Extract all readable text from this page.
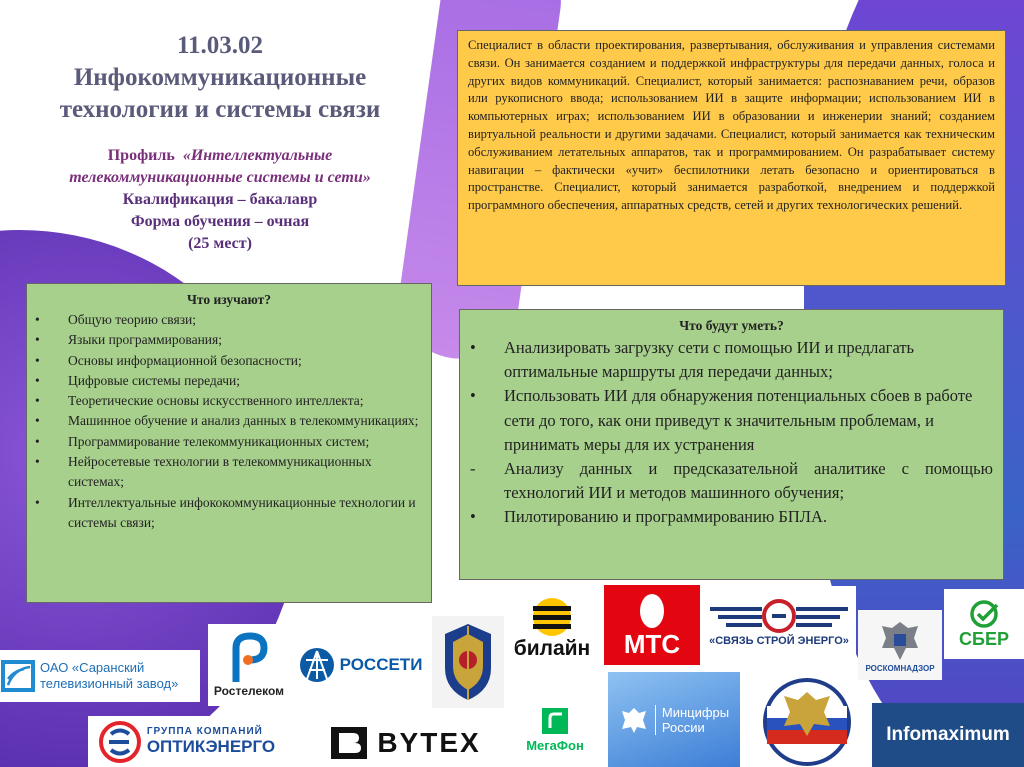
11.03.02
Инфокоммуникационные
технологии и системы связи
Профиль «Интеллектуальные
телекоммуникационные системы и сети»
Квалификация – бакалавр
Форма обучения – очная
(25 мест)
Специалист в области проектирования, развертывания, обслуживания и управления системами связи. Он занимается созданием и поддержкой инфраструктуры для передачи данных, голоса и других видов коммуникаций. Специалист, который занимается: распознаванием речи, образов или рукописного ввода; использованием ИИ в защите информации; использованием ИИ в компьютерных играх; использованием ИИ в образовании и инженерии знаний; созданием виртуальной реальности и другими задачами. Специалист, который занимается как техническим обслуживанием летательных аппаратов, так и программированием. Он разрабатывает систему навигации – фактически «учит» беспилотники летать безопасно и ориентироваться в пространстве. Специалист, который занимается разработкой, внедрением и поддержкой программного обеспечения, аппаратных средств, сетей и других технологических решений.
Что изучают?
• Общую теорию связи;
• Языки программирования;
• Основы информационной безопасности;
• Цифровые системы передачи;
• Теоретические основы искусственного интеллекта;
• Машинное обучение и анализ данных в телекоммуникациях;
• Программирование телекоммуникационных систем;
• Нейросетевые технологии в телекоммуникационных системах;
• Интеллектуальные инфококоммуникационные технологии и системы связи;
Что будут уметь?
•	Анализировать загрузку сети с помощью ИИ и предлагать оптимальные маршруты для передачи данных;
•	Использовать ИИ для обнаружения потенциальных сбоев в работе сети до того, как они приведут к значительным проблемам, и принимать меры для их устранения
-	Анализу данных и предсказательной аналитике с помощью технологий ИИ и методов машинного обучения;
•	Пилотированию и программированию БПЛА.
ОАО «Саранский
телевизионный завод»	Ростелеком
РОССЕТИ
билайн МТС	«СВЯЗЬ СТРОЙ ЭНЕРГО»
РОСКОМНАДЗОР
СБЕР
ГРУППА КОМПАНИЙ
ОПТИКЭНЕРГО	BYTEX	МегаФон
Минцифры
России
МВД
Infomaximum
